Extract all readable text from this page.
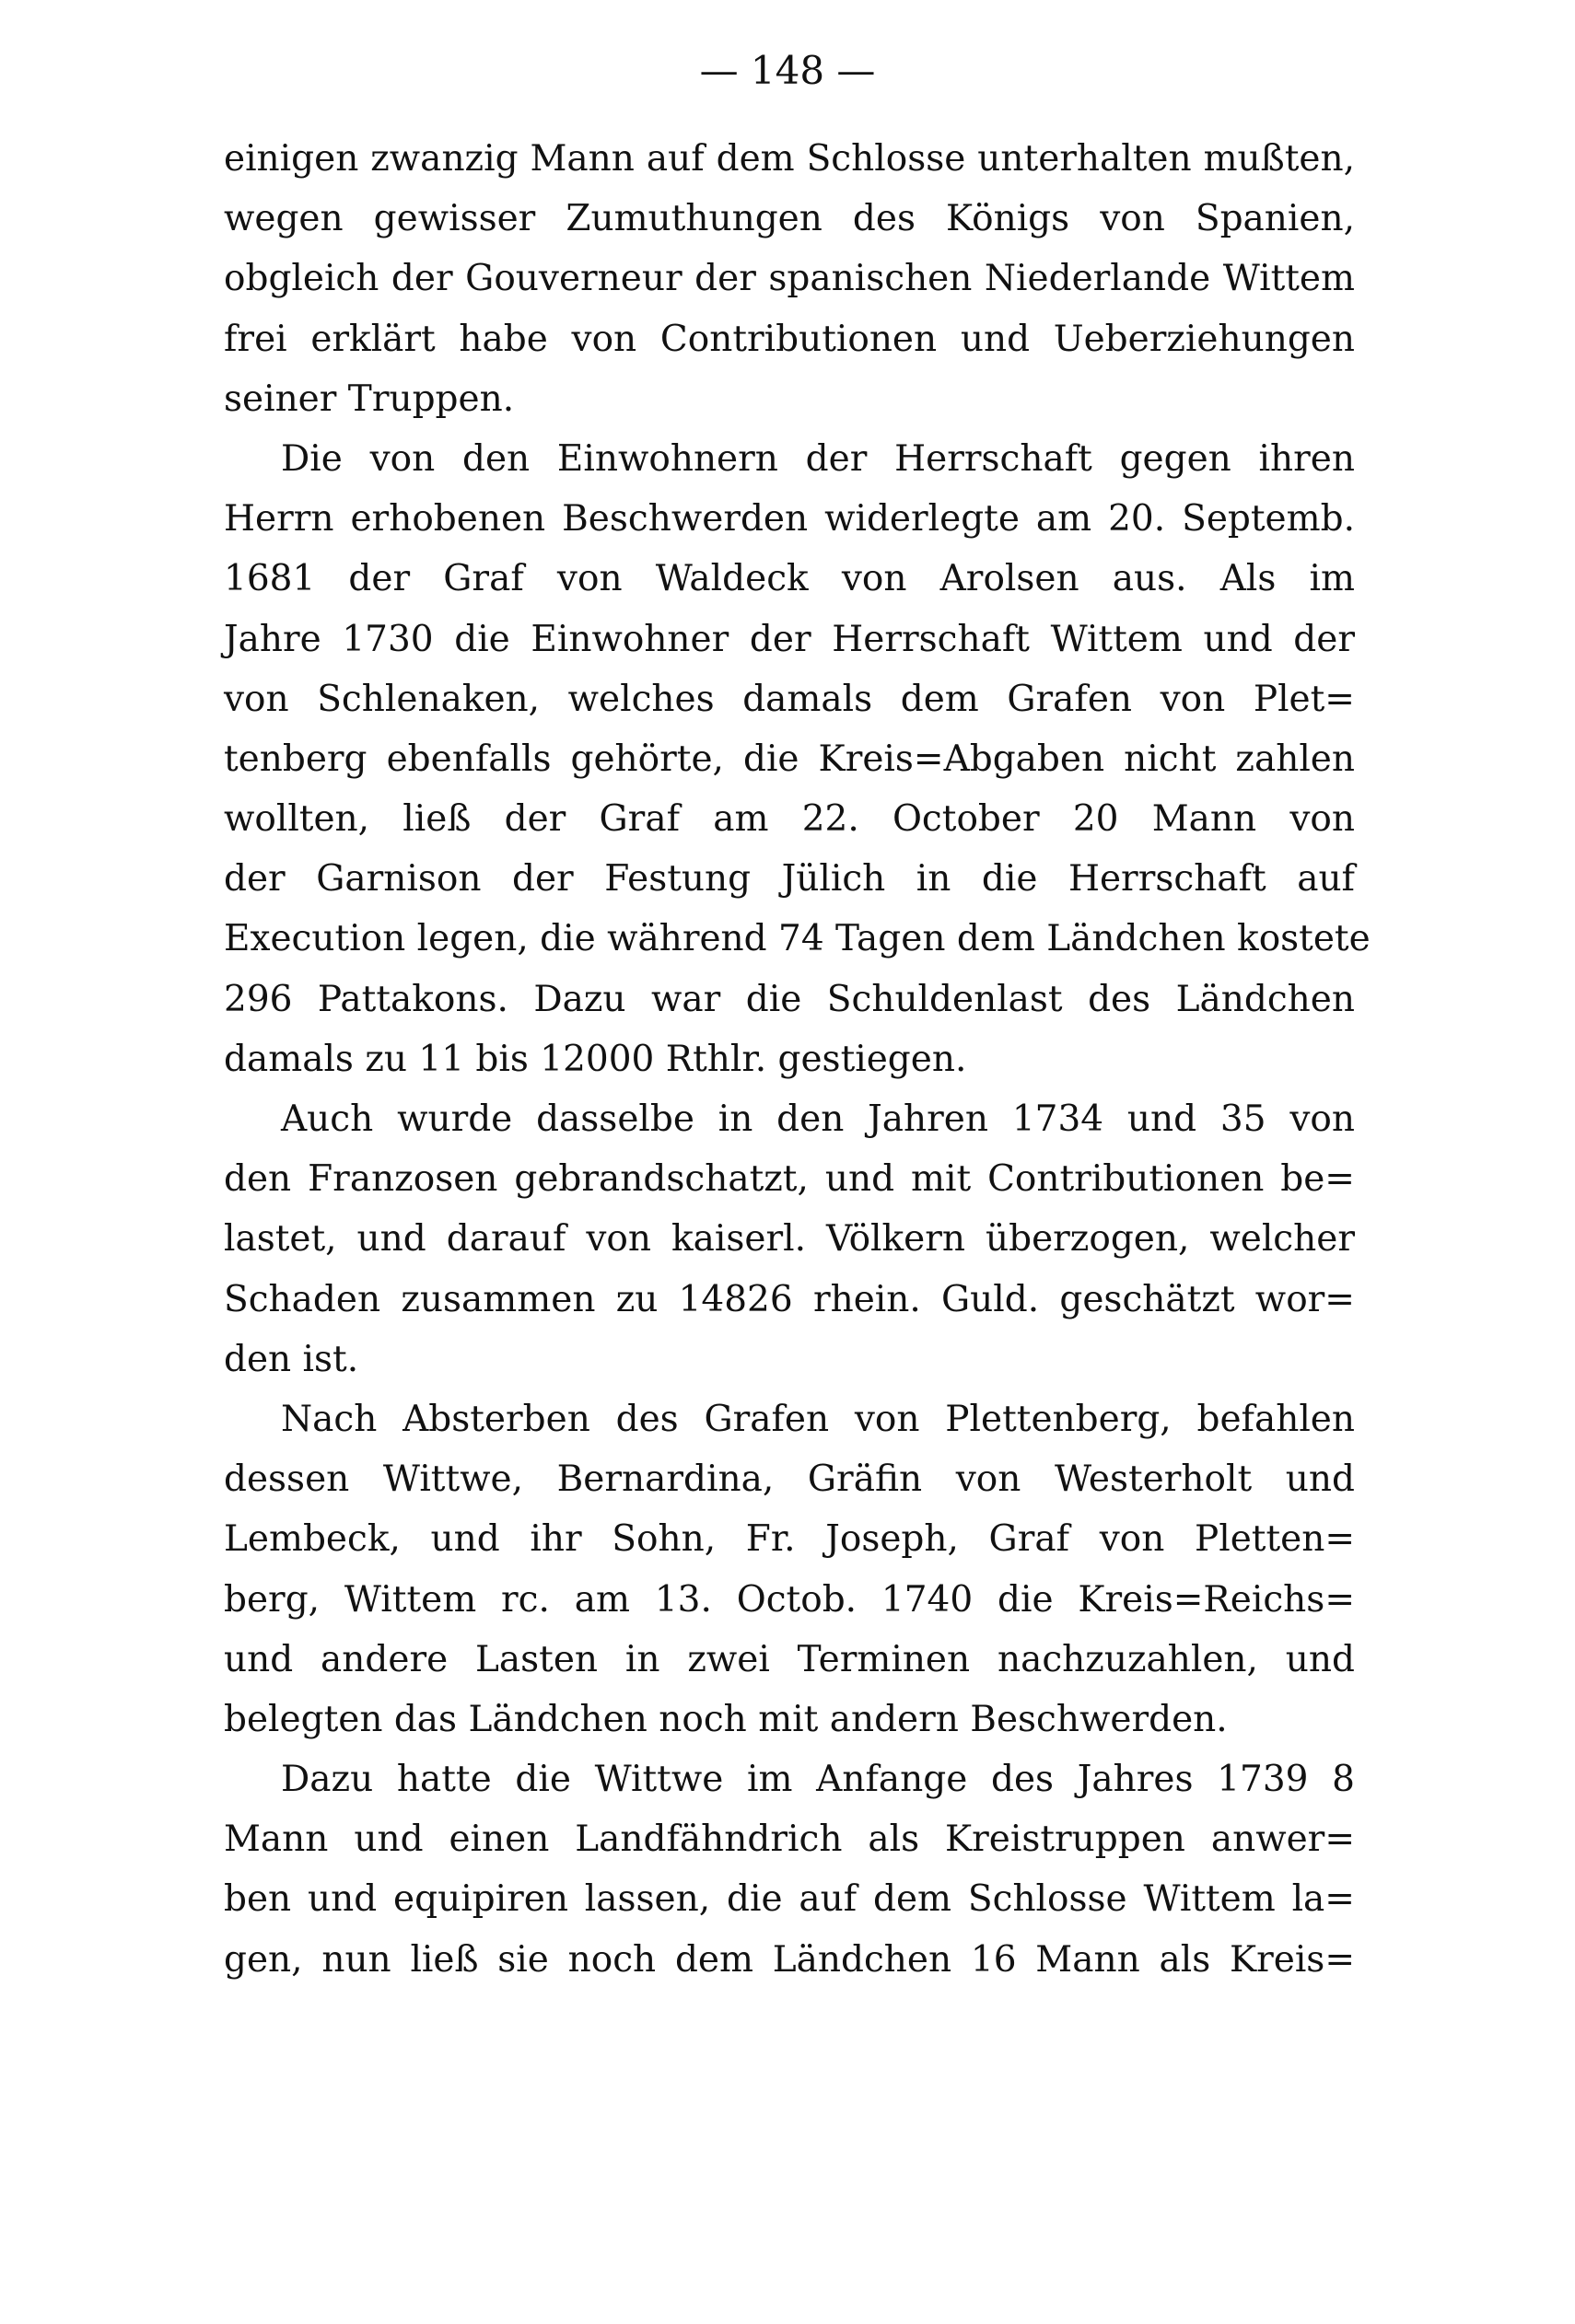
— 148 —
einigen zwanzig Mann auf dem Schlosse unterhalten mußten,
wegen gewisser Zumuthungen des Königs von Spanien,
obgleich der Gouverneur der spanischen Niederlande Wittem
frei erklärt habe von Contributionen und Ueberziehungen
seiner Truppen.
Die von den Einwohnern der Herrschaft gegen ihren
Herrn erhobenen Beschwerden widerlegte am 20. Septemb.
1681 der Graf von Waldeck von Arolsen aus. Als im
Jahre 1730 die Einwohner der Herrschaft Wittem und der
von Schlenaken, welches damals dem Grafen von Plet=
tenberg ebenfalls gehörte, die Kreis=Abgaben nicht zahlen
wollten, ließ der Graf am 22. October 20 Mann von
der Garnison der Festung Jülich in die Herrschaft auf
Execution legen, die während 74 Tagen dem Ländchen kostete
296 Pattakons. Dazu war die Schuldenlast des Ländchen
damals zu 11 bis 12000 Rthlr. gestiegen.
Auch wurde dasselbe in den Jahren 1734 und 35 von
den Franzosen gebrandschatzt, und mit Contributionen be=
lastet, und darauf von kaiserl. Völkern überzogen, welcher
Schaden zusammen zu 14826 rhein. Guld. geschätzt wor=
den ist.
Nach Absterben des Grafen von Plettenberg, befahlen
dessen Wittwe, Bernardina, Gräfin von Westerholt und
Lembeck, und ihr Sohn, Fr. Joseph, Graf von Pletten=
berg, Wittem rc. am 13. Octob. 1740 die Kreis=Reichs=
und andere Lasten in zwei Terminen nachzuzahlen, und
belegten das Ländchen noch mit andern Beschwerden.
Dazu hatte die Wittwe im Anfange des Jahres 1739 8
Mann und einen Landfähndrich als Kreistruppen anwer=
ben und equipiren lassen, die auf dem Schlosse Wittem la=
gen, nun ließ sie noch dem Ländchen 16 Mann als Kreis=
